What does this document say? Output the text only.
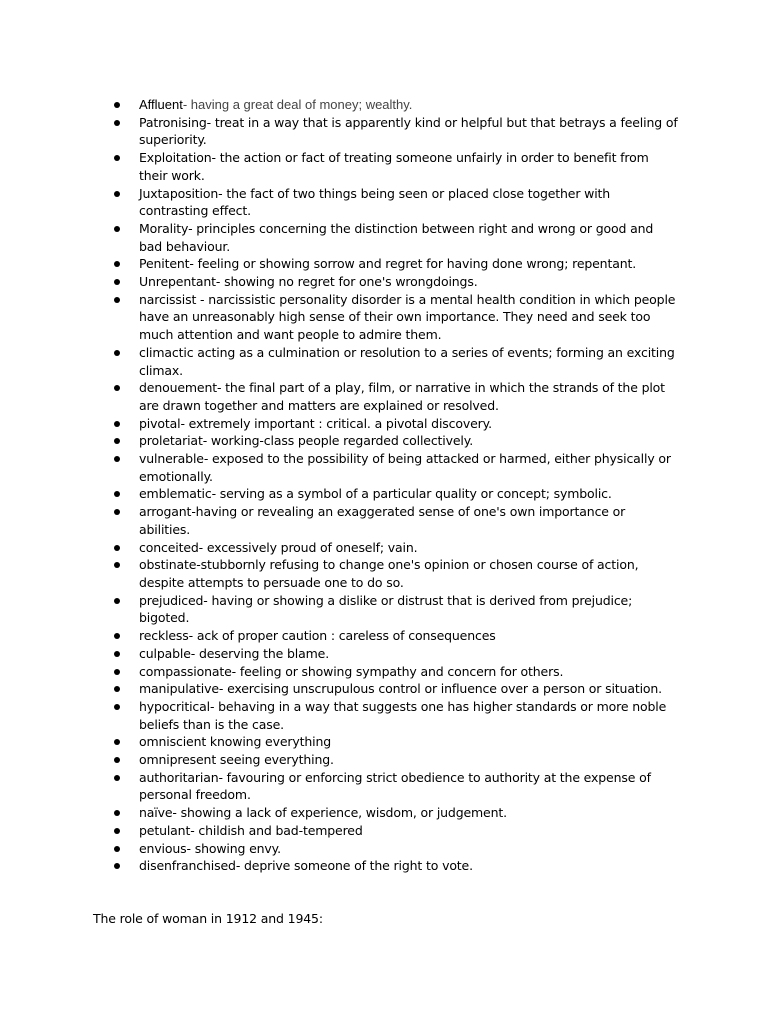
Affluent- having a great deal of money; wealthy.
Patronising- treat in a way that is apparently kind or helpful but that betrays a feeling of superiority.
Exploitation- the action or fact of treating someone unfairly in order to benefit from their work.
Juxtaposition- the fact of two things being seen or placed close together with contrasting effect.
Morality- principles concerning the distinction between right and wrong or good and bad behaviour.
Penitent- feeling or showing sorrow and regret for having done wrong; repentant.
Unrepentant- showing no regret for one's wrongdoings.
narcissist - narcissistic personality disorder is a mental health condition in which people have an unreasonably high sense of their own importance. They need and seek too much attention and want people to admire them.
climactic acting as a culmination or resolution to a series of events; forming an exciting climax.
denouement- the final part of a play, film, or narrative in which the strands of the plot are drawn together and matters are explained or resolved.
pivotal- extremely important : critical. a pivotal discovery.
proletariat- working-class people regarded collectively.
vulnerable- exposed to the possibility of being attacked or harmed, either physically or emotionally.
emblematic- serving as a symbol of a particular quality or concept; symbolic.
arrogant-having or revealing an exaggerated sense of one's own importance or abilities.
conceited- excessively proud of oneself; vain.
obstinate-stubbornly refusing to change one's opinion or chosen course of action, despite attempts to persuade one to do so.
prejudiced- having or showing a dislike or distrust that is derived from prejudice; bigoted.
reckless- ack of proper caution : careless of consequences
culpable- deserving the blame.
compassionate- feeling or showing sympathy and concern for others.
manipulative- exercising unscrupulous control or influence over a person or situation.
hypocritical- behaving in a way that suggests one has higher standards or more noble beliefs than is the case.
omniscient knowing everything
omnipresent seeing everything.
authoritarian- favouring or enforcing strict obedience to authority at the expense of personal freedom.
naïve- showing a lack of experience, wisdom, or judgement.
petulant- childish and bad-tempered
envious- showing envy.
disenfranchised- deprive someone of the right to vote.

The role of woman in 1912 and 1945:
